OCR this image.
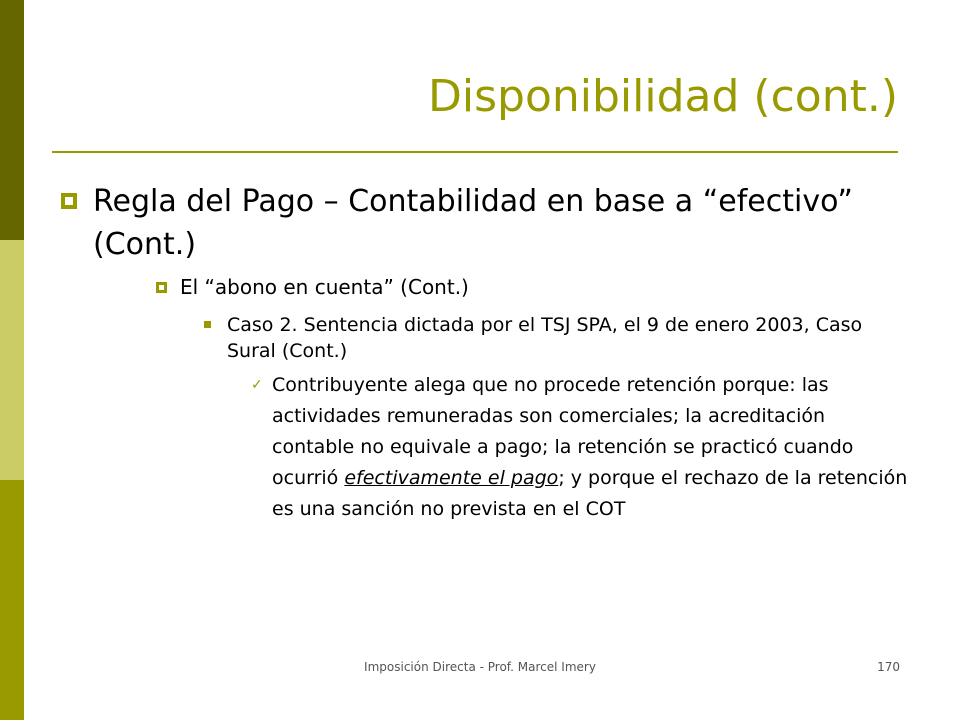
Disponibilidad (cont.)
Regla del Pago – Contabilidad en base a “efectivo” (Cont.)
El “abono en cuenta” (Cont.)
Caso 2. Sentencia dictada por el TSJ SPA, el 9 de enero 2003, Caso Sural (Cont.)
✓ Contribuyente alega que no procede retención porque: las actividades remuneradas son comerciales; la acreditación contable no equivale a pago; la retención se practicó cuando ocurrió efectivamente el pago; y porque el rechazo de la retención es una sanción no prevista en el COT
Imposición Directa - Prof. Marcel Imery	170
